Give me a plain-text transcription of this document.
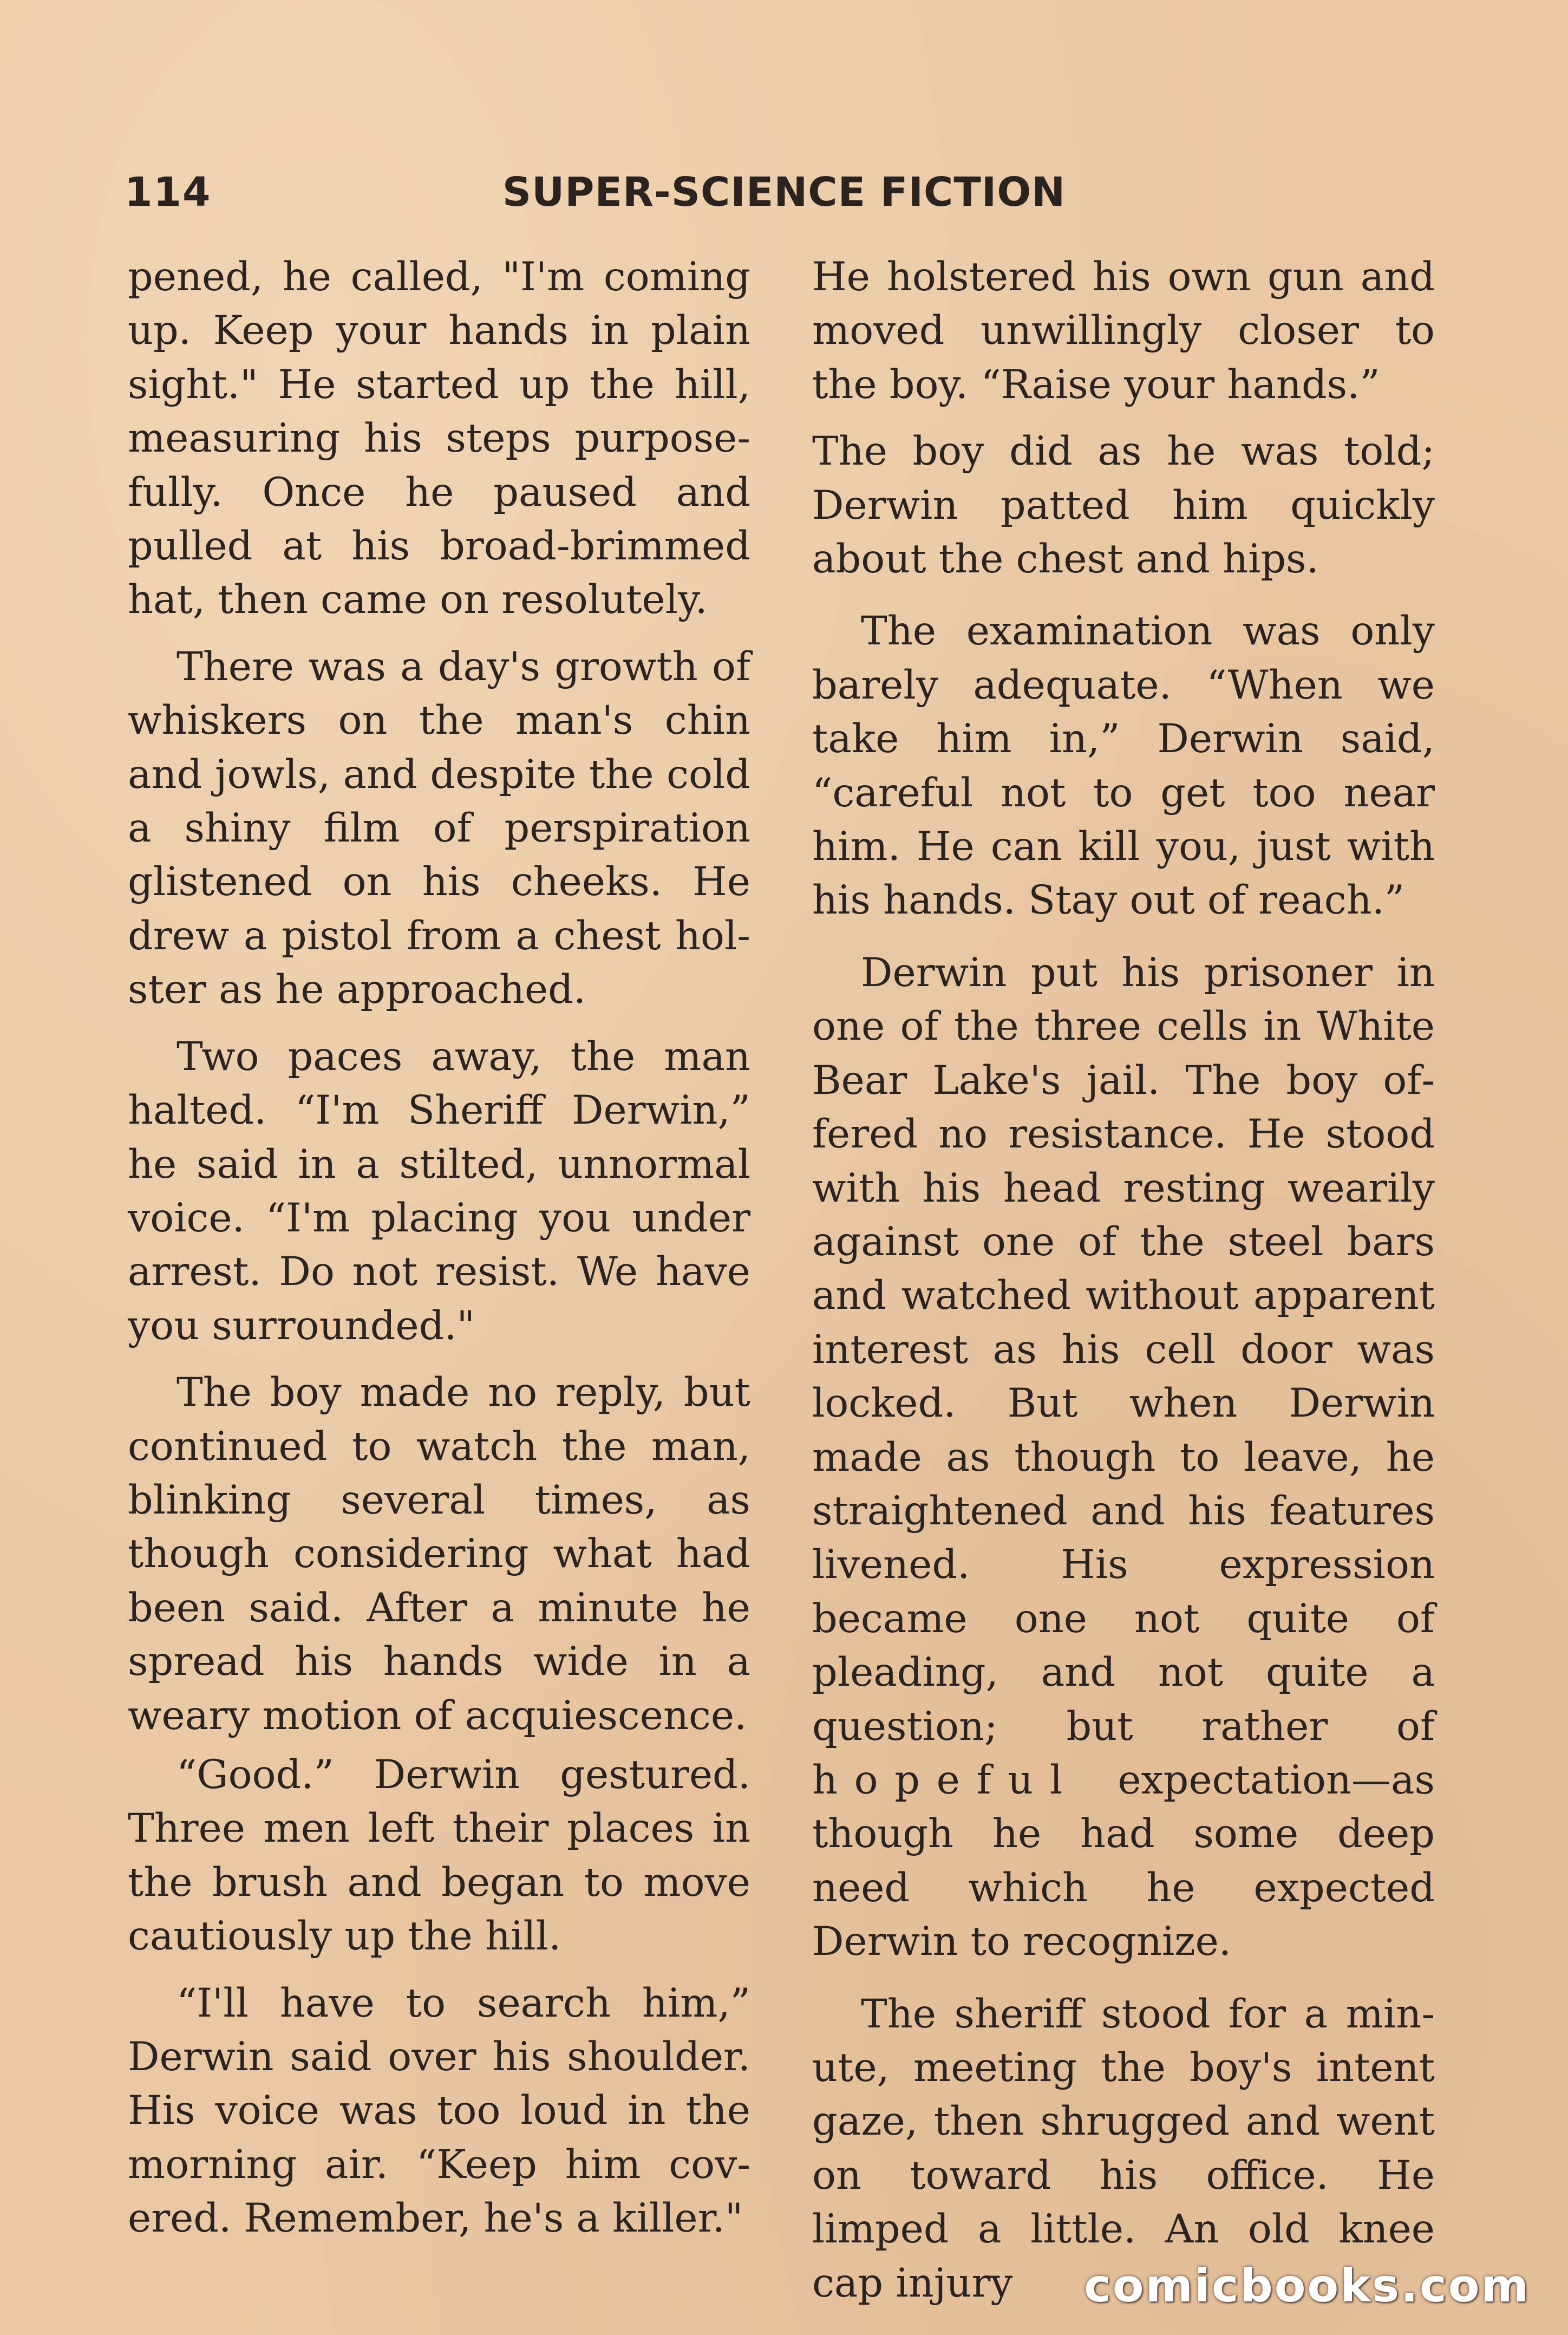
114	SUPER-SCIENCE FICTION

pened, he called, "I'm coming up. Keep your hands in plain sight." He started up the hill, measuring his steps purposefully. Once he paused and pulled at his broad-brimmed hat, then came on resolutely.

There was a day's growth of whiskers on the man's chin and jowls, and despite the cold a shiny film of perspiration glistened on his cheeks. He drew a pistol from a chest holster as he approached.

Two paces away, the man halted. “I'm Sheriff Derwin,” he said in a stilted, unnormal voice. “I'm placing you under arrest. Do not resist. We have you surrounded."

The boy made no reply, but continued to watch the man, blinking several times, as though considering what had been said. After a minute he spread his hands wide in a weary motion of acquiescence.

“Good.” Derwin gestured. Three men left their places in the brush and began to move cautiously up the hill.

“I'll have to search him,” Derwin said over his shoulder. His voice was too loud in the morning air. “Keep him covered. Remember, he's a killer."

He holstered his own gun and moved unwillingly closer to the boy. “Raise your hands.”

The boy did as he was told; Derwin patted him quickly about the chest and hips.

The examination was only barely adequate. “When we take him in,” Derwin said, “careful not to get too near him. He can kill you, just with his hands. Stay out of reach.”

Derwin put his prisoner in one of the three cells in White Bear Lake's jail. The boy offered no resistance. He stood with his head resting wearily against one of the steel bars and watched without apparent interest as his cell door was locked. But when Derwin made as though to leave, he straightened and his features livened. His expression became one not quite of pleading, and not quite a question; but rather of hopeful expectation—as though he had some deep need which he expected Derwin to recognize.

The sheriff stood for a minute, meeting the boy's intent gaze, then shrugged and went on toward his office. He limped a little. An old knee cap injury	comicbooks.com
